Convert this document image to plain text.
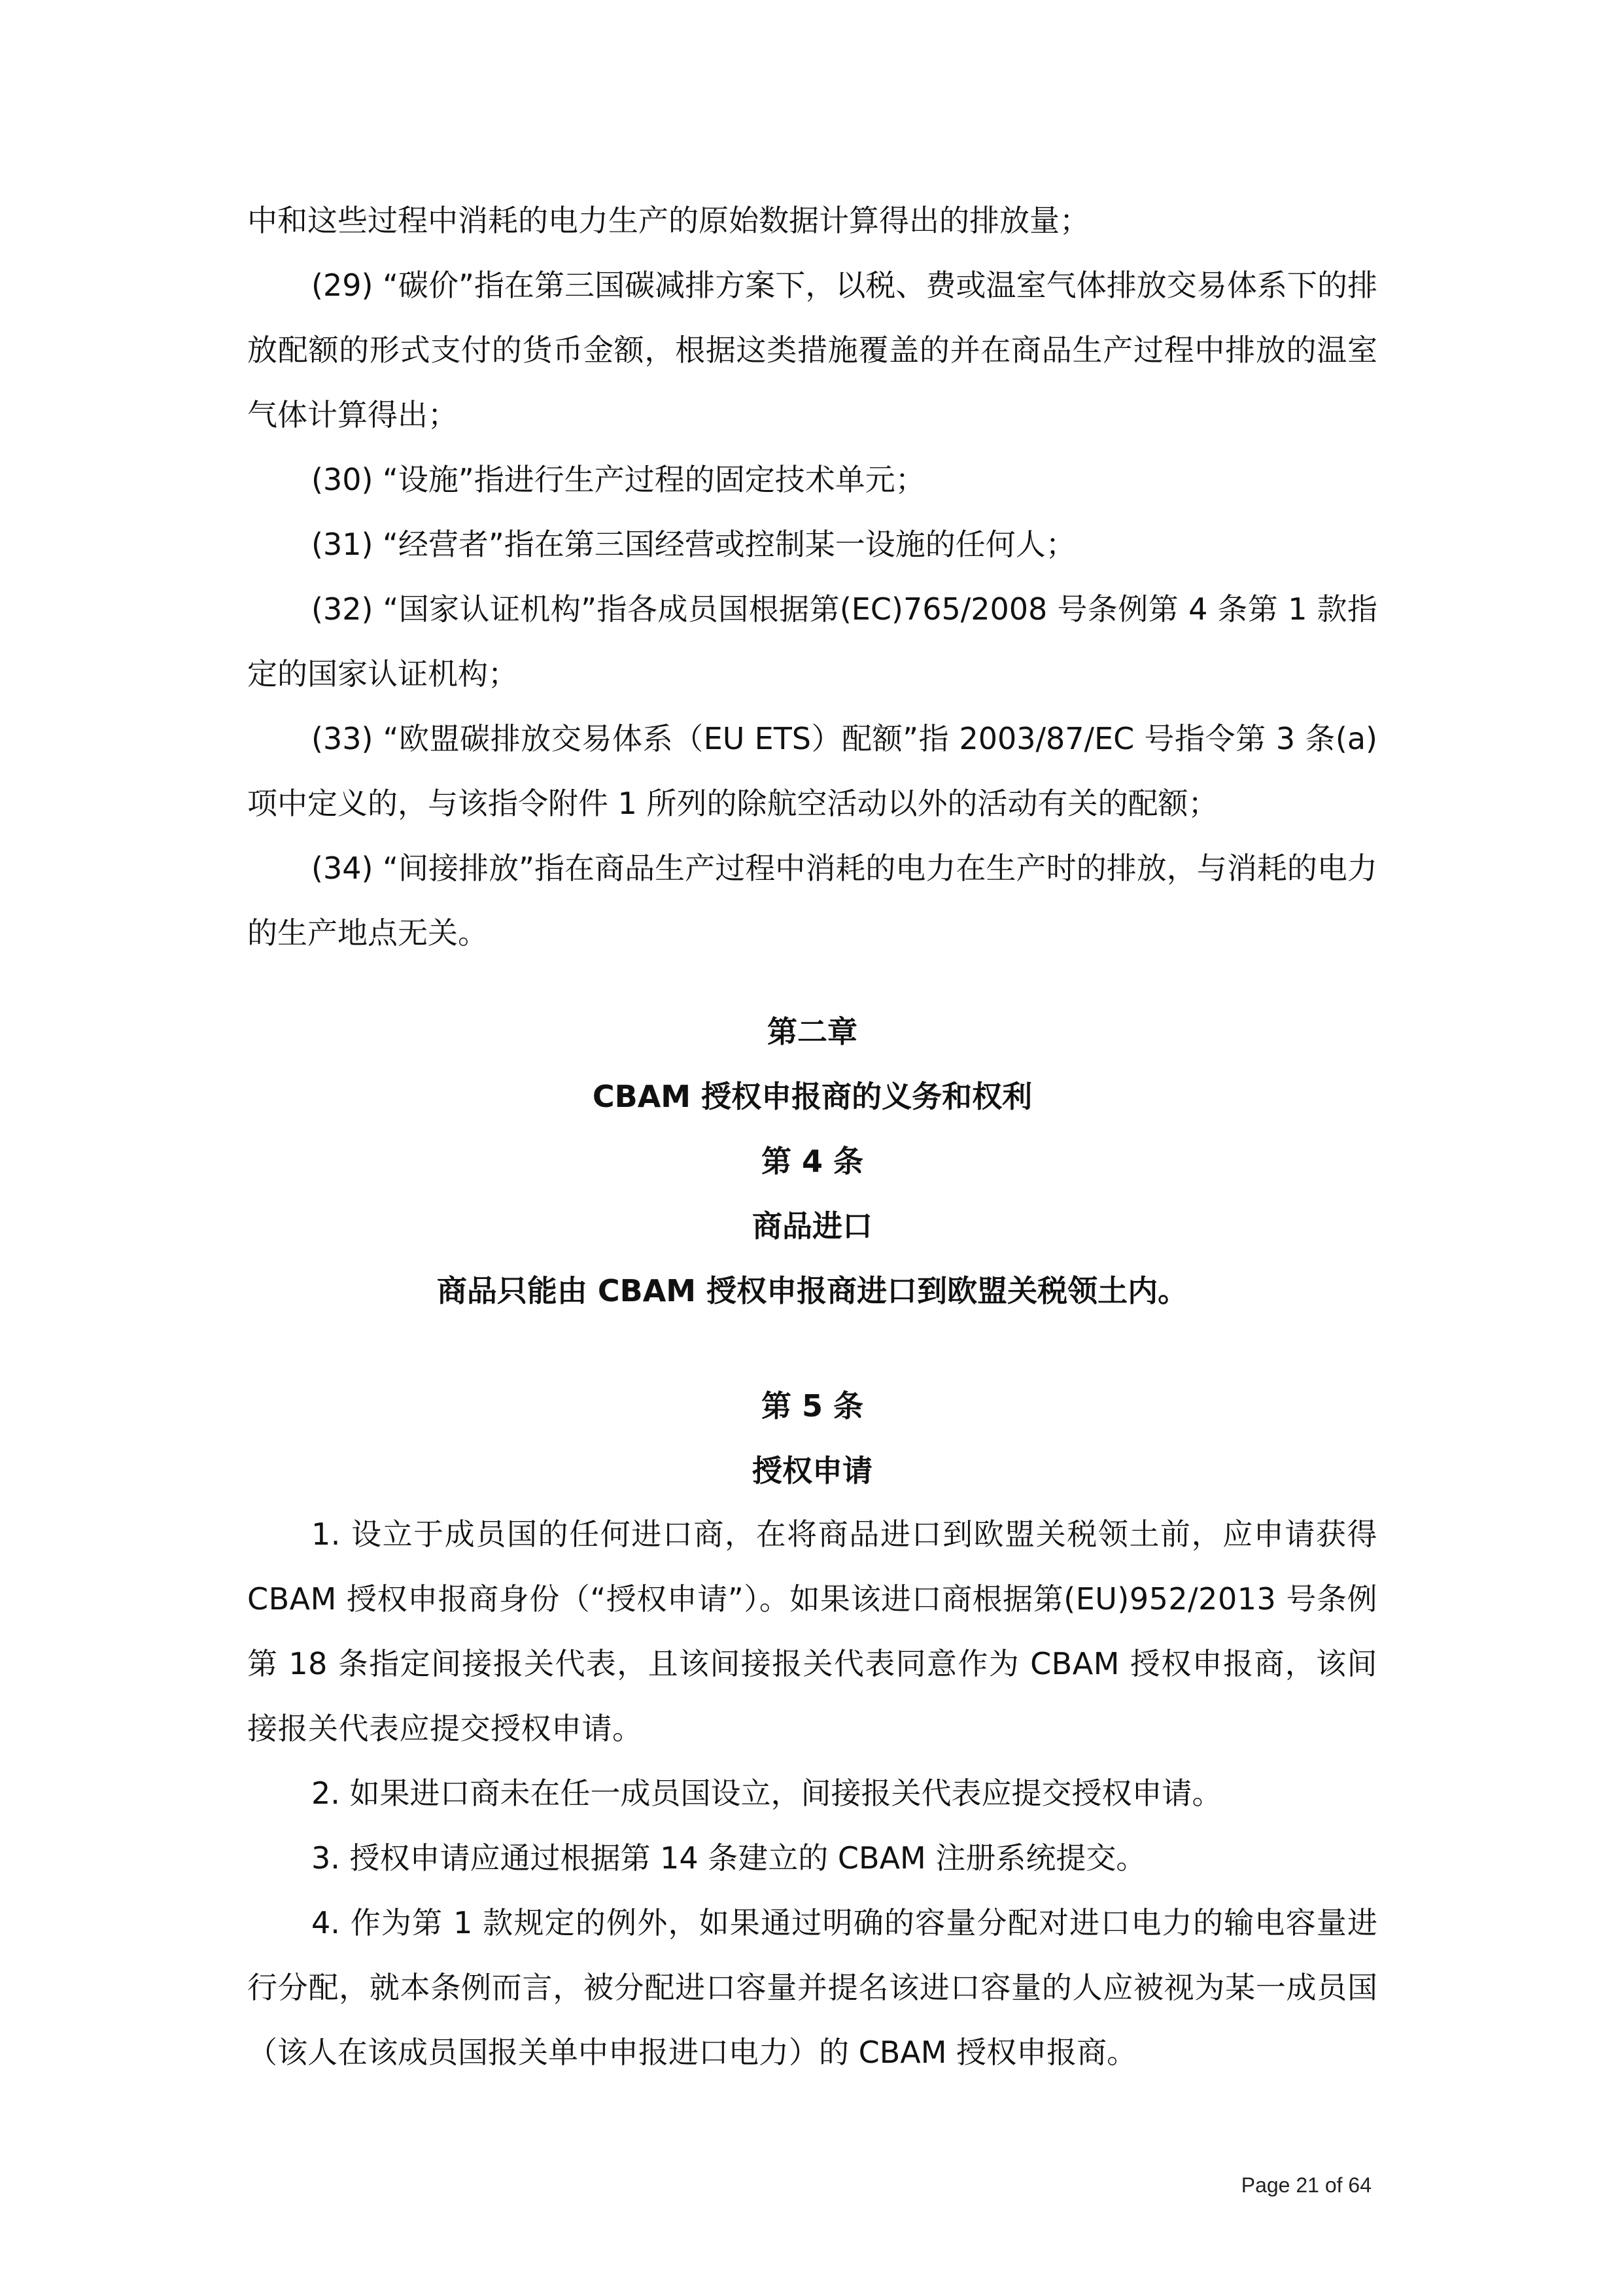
中和这些过程中消耗的电力生产的原始数据计算得出的排放量；

(29) “碳价”指在第三国碳减排方案下，以税、费或温室气体排放交易体系下的排放配额的形式支付的货币金额，根据这类措施覆盖的并在商品生产过程中排放的温室气体计算得出；

(30) “设施”指进行生产过程的固定技术单元；

(31) “经营者”指在第三国经营或控制某一设施的任何人；

(32) “国家认证机构”指各成员国根据第(EC)765/2008 号条例第 4 条第 1 款指定的国家认证机构；

(33) “欧盟碳排放交易体系（EU ETS）配额”指 2003/87/EC 号指令第 3 条(a)项中定义的，与该指令附件 1 所列的除航空活动以外的活动有关的配额；

(34) “间接排放”指在商品生产过程中消耗的电力在生产时的排放，与消耗的电力的生产地点无关。

第二章

CBAM 授权申报商的义务和权利

第 4 条

商品进口

商品只能由 CBAM 授权申报商进口到欧盟关税领土内。

第 5 条

授权申请

1. 设立于成员国的任何进口商，在将商品进口到欧盟关税领土前，应申请获得 CBAM 授权申报商身份（“授权申请”）。如果该进口商根据第(EU)952/2013 号条例第 18 条指定间接报关代表，且该间接报关代表同意作为 CBAM 授权申报商，该间接报关代表应提交授权申请。

2. 如果进口商未在任一成员国设立，间接报关代表应提交授权申请。

3. 授权申请应通过根据第 14 条建立的 CBAM 注册系统提交。

4. 作为第 1 款规定的例外，如果通过明确的容量分配对进口电力的输电容量进行分配，就本条例而言，被分配进口容量并提名该进口容量的人应被视为某一成员国（该人在该成员国报关单中申报进口电力）的 CBAM 授权申报商。

Page 21 of 64
